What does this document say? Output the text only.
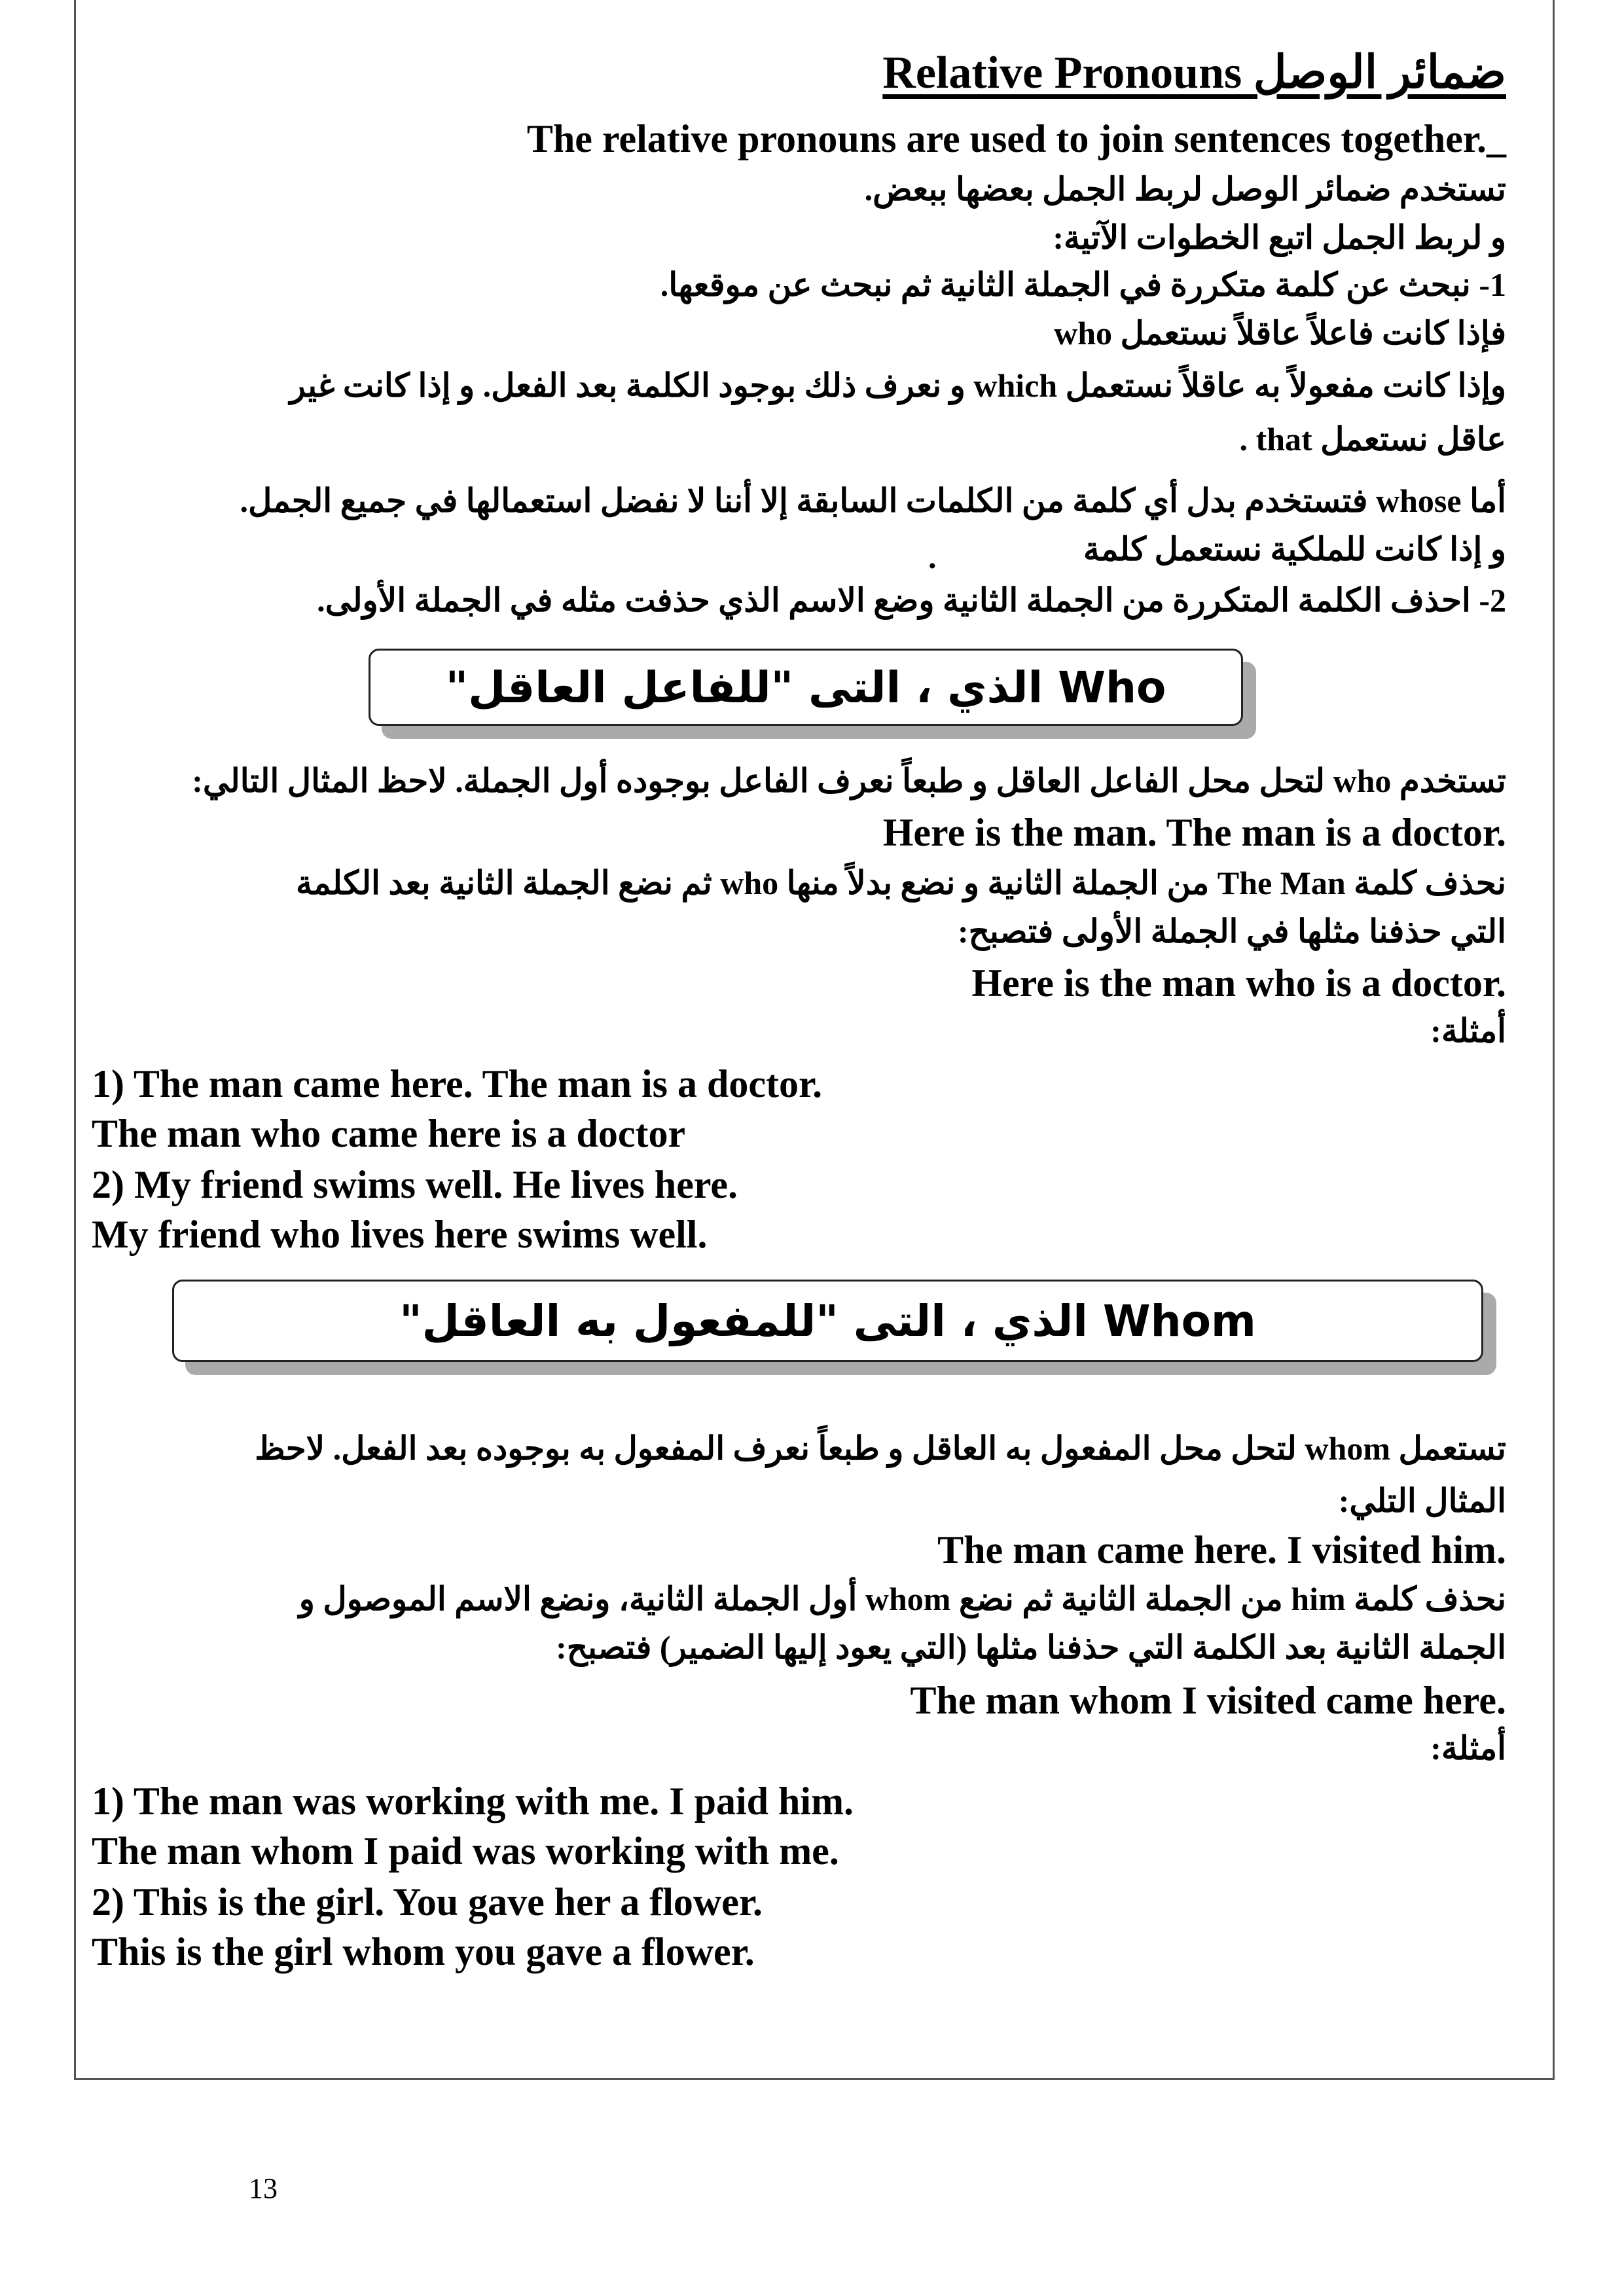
Relative Pronouns ضمائر الوصل
The relative pronouns are used to join sentences together._
تستخدم ضمائر الوصل لربط الجمل بعضها ببعض.
و لربط الجمل اتبع الخطوات الآتية:
1- نبحث عن كلمة متكررة في الجملة الثانية ثم نبحث عن موقعها.
فإذا كانت فاعلاً عاقلاً نستعمل who
وإذا كانت مفعولاً به عاقلاً نستعمل which و نعرف ذلك بوجود الكلمة بعد الفعل. و إذا كانت غير
عاقل نستعمل that .
أما whose فتستخدم بدل أي كلمة من الكلمات السابقة إلا أننا لا نفضل استعمالها في جميع الجمل.
و إذا كانت للملكية نستعمل كلمة
.
2- احذف الكلمة المتكررة من الجملة الثانية وضع الاسم الذي حذفت مثله في الجملة الأولى.
Who الذي ، التى "للفاعل العاقل"
تستخدم who لتحل محل الفاعل العاقل و طبعاً نعرف الفاعل بوجوده أول الجملة. لاحظ المثال التالي:
Here is the man. The man is a doctor.
نحذف كلمة The Man من الجملة الثانية و نضع بدلاً منها who ثم نضع الجملة الثانية بعد الكلمة
التي حذفنا مثلها في الجملة الأولى فتصبح:
Here is the man who is a doctor.
أمثلة:
1) The man came here. The man is a doctor.
The man who came here is a doctor
2) My friend swims well. He lives here.
My friend who lives here swims well.
Whom الذي ، التى "للمفعول به العاقل"
تستعمل whom لتحل محل المفعول به العاقل و طبعاً نعرف المفعول به بوجوده بعد الفعل. لاحظ
المثال التلي:
The man came here. I visited him.
نحذف كلمة him من الجملة الثانية ثم نضع whom أول الجملة الثانية، ونضع الاسم الموصول و
الجملة الثانية بعد الكلمة التي حذفنا مثلها (التي يعود إليها الضمير) فتصبح:
The man whom I visited came here.
أمثلة:
1) The man was working with me. I paid him.
The man whom I paid was working with me.
2) This is the girl. You gave her a flower.
This is the girl whom you gave a flower.
13
